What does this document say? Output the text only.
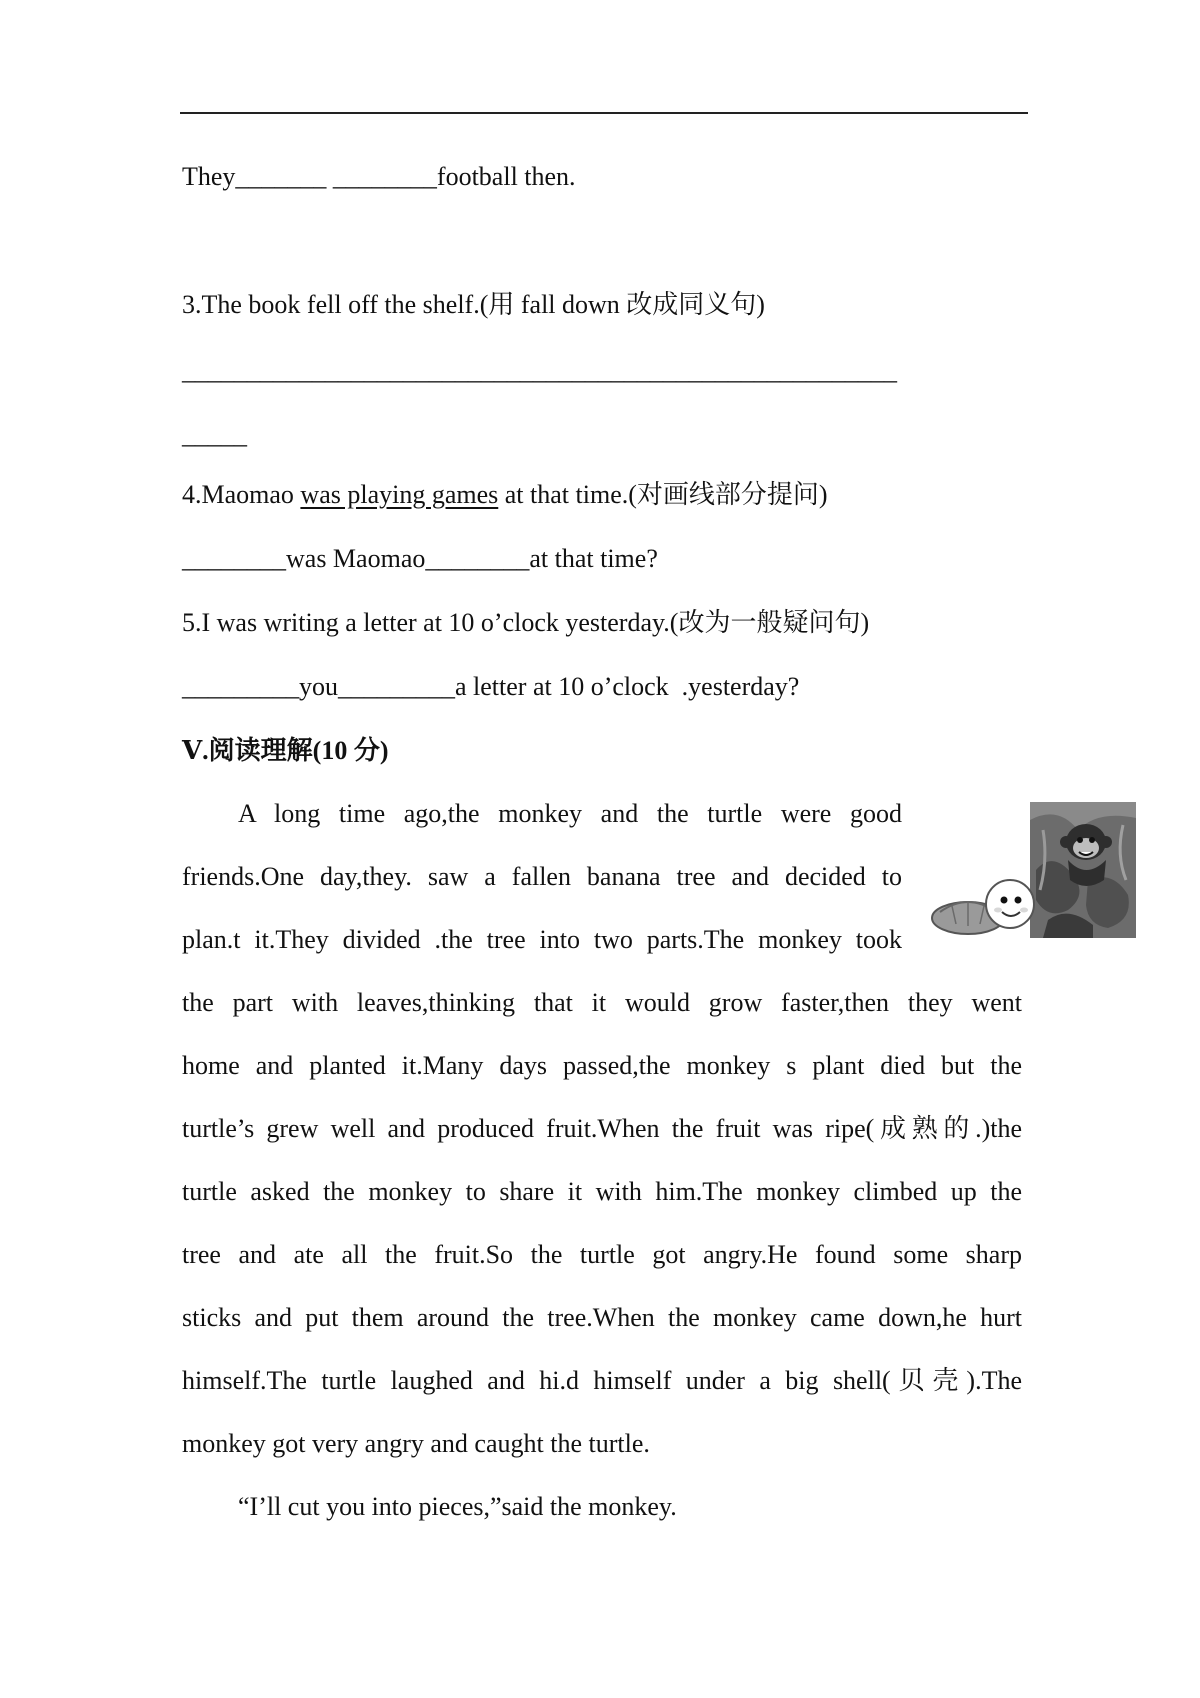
They_______ ________football then.
3.The book fell off the shelf.(用 fall down 改成同义句)
_______________________________________________________
_____
4.Maomao was playing games at that time.(对画线部分提问)
________was Maomao________at that time?
5.I was writing a letter at 10 o’clock yesterday.(改为一般疑问句)
_________you_________a letter at 10 o’clock  .yesterday?
Ⅴ.阅读理解(10 分)
A long time ago,the monkey and the turtle were good
friends.One day,they. saw a fallen banana tree and decided to
plan.t it.They divided .the tree into two parts.The monkey took
the part with leaves,thinking that it would grow faster,then they went
home and planted it.Many days passed,the monkey s plant died but the
turtle’s grew well and produced fruit.When the fruit was ripe(成熟的.)the
turtle asked the monkey to share it with him.The monkey climbed up the
tree and ate all the fruit.So the turtle got angry.He found some sharp
sticks and put them around the tree.When the monkey came down,he hurt
himself.The turtle laughed and hi.d himself under a big shell(贝壳).The
monkey got very angry and caught the turtle.
“I’ll cut you into pieces,”said the monkey.
